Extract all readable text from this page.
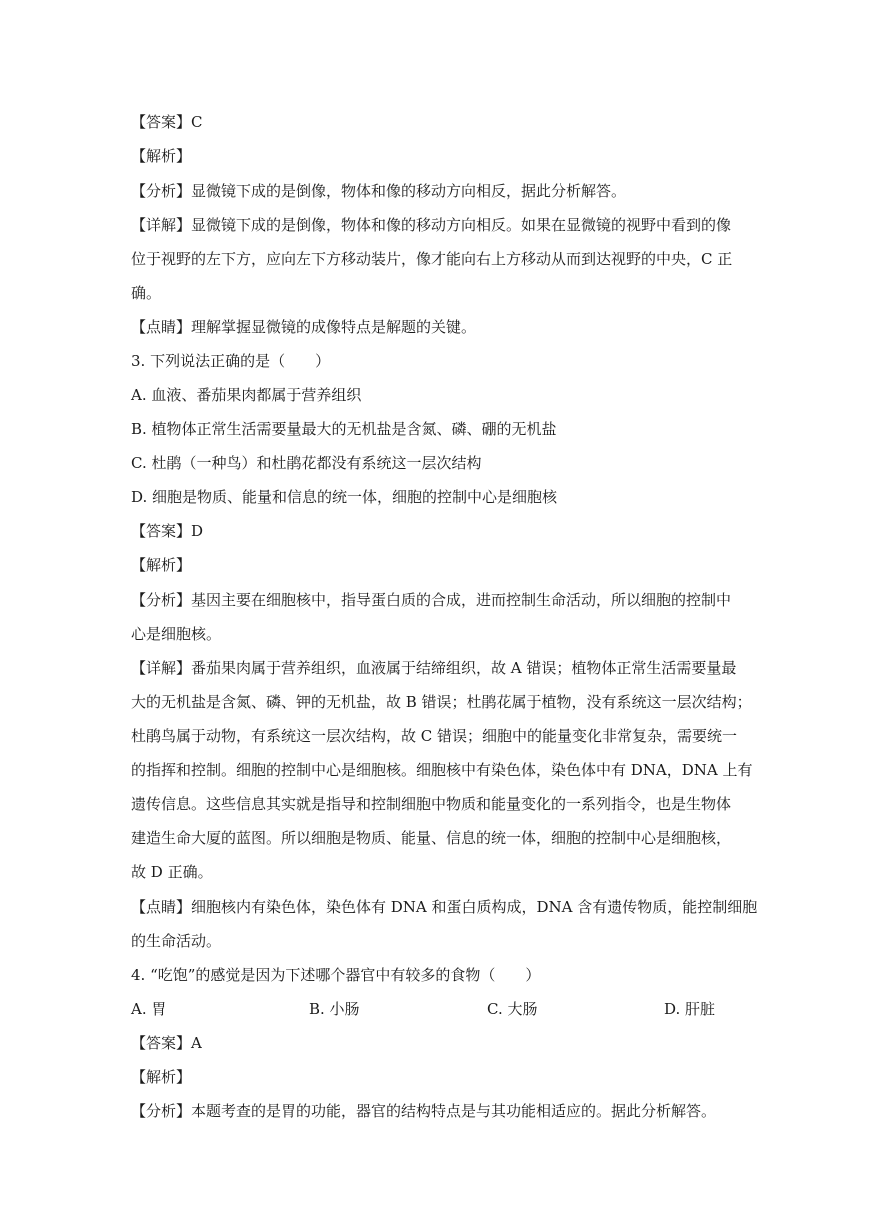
【答案】C
【解析】
【分析】显微镜下成的是倒像，物体和像的移动方向相反，据此分析解答。
【详解】显微镜下成的是倒像，物体和像的移动方向相反。如果在显微镜的视野中看到的像
位于视野的左下方，应向左下方移动装片，像才能向右上方移动从而到达视野的中央，C 正
确。
【点睛】理解掌握显微镜的成像特点是解题的关键。
3. 下列说法正确的是（　　）
A. 血液、番茄果肉都属于营养组织
B. 植物体正常生活需要量最大的无机盐是含氮、磷、硼的无机盐
C. 杜鹃（一种鸟）和杜鹃花都没有系统这一层次结构
D. 细胞是物质、能量和信息的统一体，细胞的控制中心是细胞核
【答案】D
【解析】
【分析】基因主要在细胞核中，指导蛋白质的合成，进而控制生命活动，所以细胞的控制中
心是细胞核。
【详解】番茄果肉属于营养组织，血液属于结缔组织，故 A 错误；植物体正常生活需要量最
大的无机盐是含氮、磷、钾的无机盐，故 B 错误；杜鹃花属于植物，没有系统这一层次结构；
杜鹃鸟属于动物，有系统这一层次结构，故 C 错误；细胞中的能量变化非常复杂，需要统一
的指挥和控制。细胞的控制中心是细胞核。细胞核中有染色体，染色体中有 DNA，DNA 上有
遗传信息。这些信息其实就是指导和控制细胞中物质和能量变化的一系列指令，也是生物体
建造生命大厦的蓝图。所以细胞是物质、能量、信息的统一体，细胞的控制中心是细胞核，
故 D 正确。
【点睛】细胞核内有染色体，染色体有 DNA 和蛋白质构成，DNA 含有遗传物质，能控制细胞
的生命活动。
4. “吃饱”的感觉是因为下述哪个器官中有较多的食物（　　）
A. 胃	B. 小肠	C. 大肠	D. 肝脏
【答案】A
【解析】
【分析】本题考查的是胃的功能，器官的结构特点是与其功能相适应的。据此分析解答。
